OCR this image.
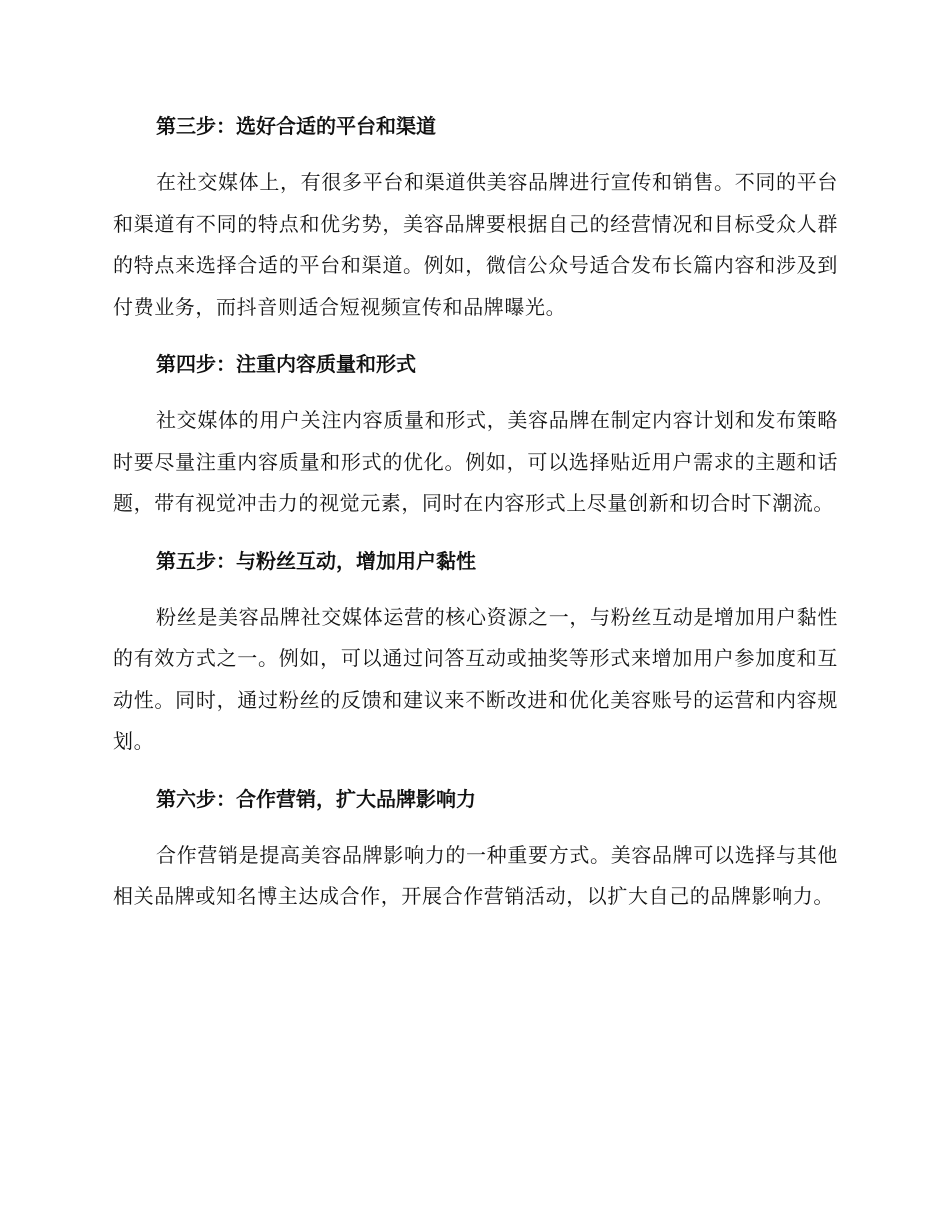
第三步：选好合适的平台和渠道

在社交媒体上，有很多平台和渠道供美容品牌进行宣传和销售。不同的平台和渠道有不同的特点和优劣势，美容品牌要根据自己的经营情况和目标受众人群的特点来选择合适的平台和渠道。例如，微信公众号适合发布长篇内容和涉及到付费业务，而抖音则适合短视频宣传和品牌曝光。

第四步：注重内容质量和形式

社交媒体的用户关注内容质量和形式，美容品牌在制定内容计划和发布策略时要尽量注重内容质量和形式的优化。例如，可以选择贴近用户需求的主题和话题，带有视觉冲击力的视觉元素，同时在内容形式上尽量创新和切合时下潮流。

第五步：与粉丝互动，增加用户黏性

粉丝是美容品牌社交媒体运营的核心资源之一，与粉丝互动是增加用户黏性的有效方式之一。例如，可以通过问答互动或抽奖等形式来增加用户参加度和互动性。同时，通过粉丝的反馈和建议来不断改进和优化美容账号的运营和内容规划。

第六步：合作营销，扩大品牌影响力

合作营销是提高美容品牌影响力的一种重要方式。美容品牌可以选择与其他相关品牌或知名博主达成合作，开展合作营销活动，以扩大自己的品牌影响力。
